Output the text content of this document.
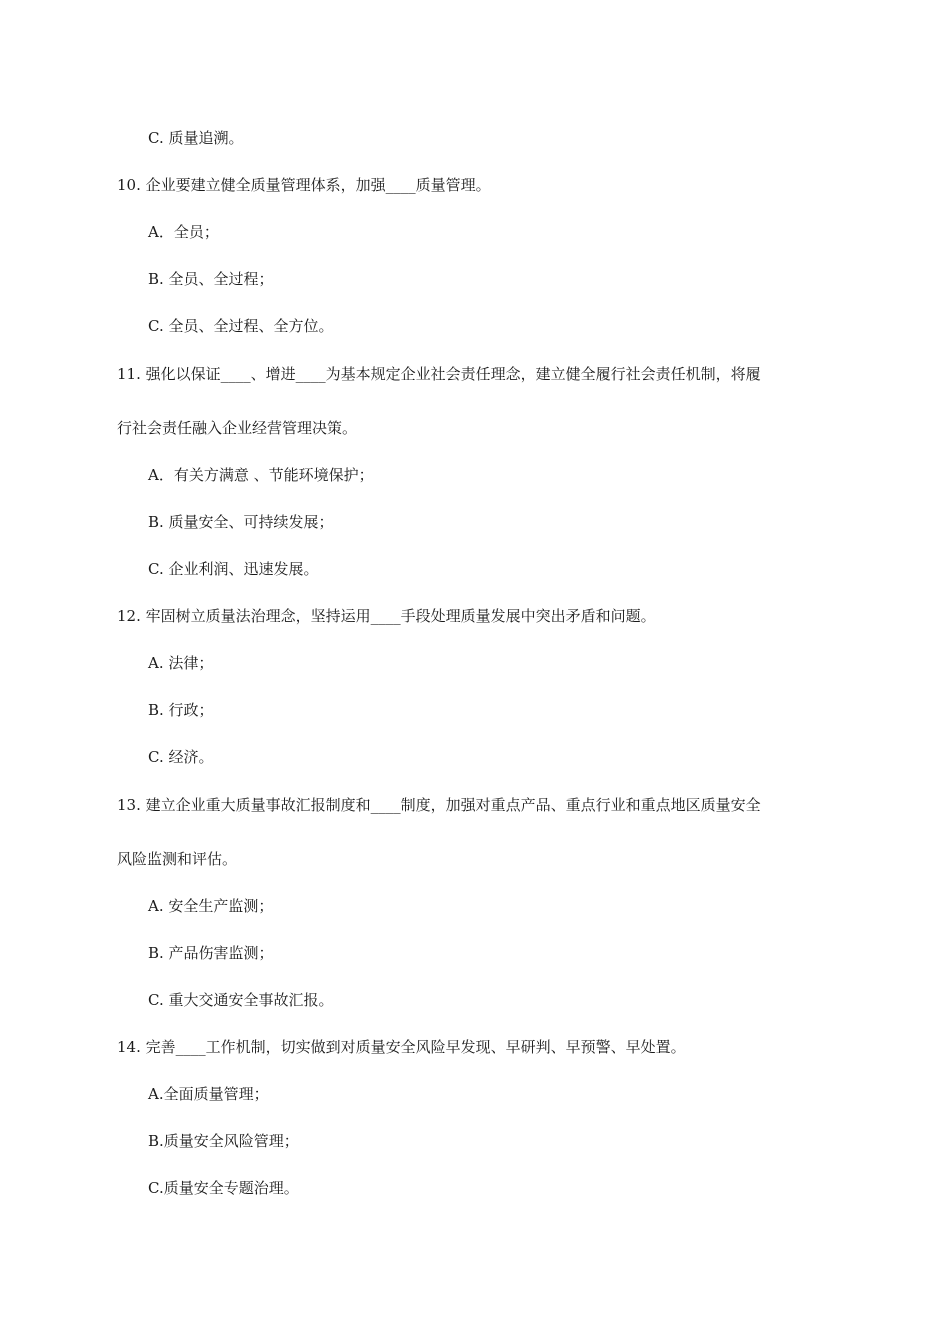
C. 质量追溯。
10. 企业要建立健全质量管理体系，加强____质量管理。
A．全员；
B. 全员、全过程；
C. 全员、全过程、全方位。
11. 强化以保证____、增进____为基本规定企业社会责任理念，建立健全履行社会责任机制，将履
行社会责任融入企业经营管理决策。
A．有关方满意 、节能环境保护；
B. 质量安全、可持续发展；
C. 企业利润、迅速发展。
12. 牢固树立质量法治理念，坚持运用____手段处理质量发展中突出矛盾和问题。
A. 法律；
B. 行政；
C. 经济。
13. 建立企业重大质量事故汇报制度和____制度，加强对重点产品、重点行业和重点地区质量安全
风险监测和评估。
A. 安全生产监测；
B. 产品伤害监测；
C. 重大交通安全事故汇报。
14. 完善____工作机制，切实做到对质量安全风险早发现、早研判、早预警、早处置。
A.全面质量管理；
B.质量安全风险管理；
C.质量安全专题治理。
